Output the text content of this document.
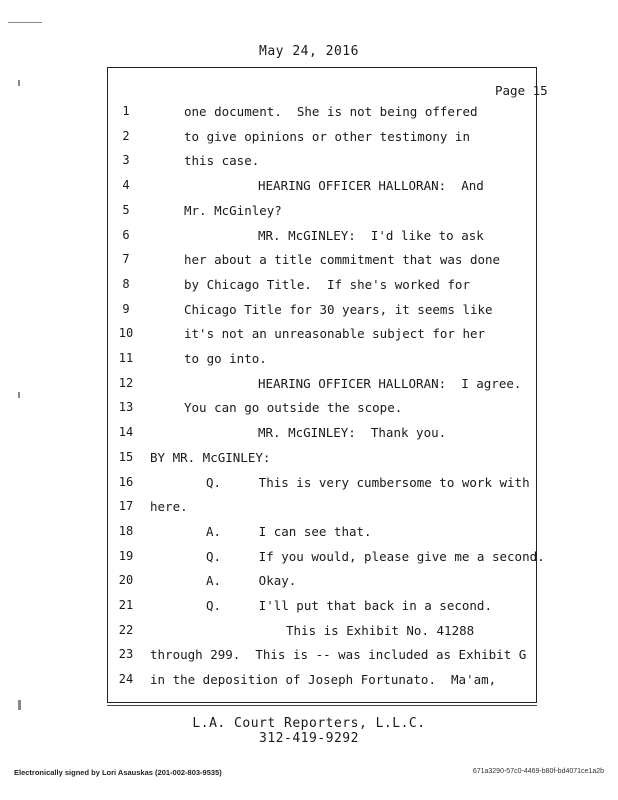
May 24, 2016
Page 15
1	one document.  She is not being offered
2	to give opinions or other testimony in
3	this case.
4	HEARING OFFICER HALLORAN:  And
5	Mr. McGinley?
6	MR. McGINLEY:  I'd like to ask
7	her about a title commitment that was done
8	by Chicago Title.  If she's worked for
9	Chicago Title for 30 years, it seems like
10	it's not an unreasonable subject for her
11	to go into.
12	HEARING OFFICER HALLORAN:  I agree.
13	You can go outside the scope.
14	MR. McGINLEY:  Thank you.
15	BY MR. McGINLEY:
16	Q.     This is very cumbersome to work with
17	here.
18	A.     I can see that.
19	Q.     If you would, please give me a second.
20	A.     Okay.
21	Q.     I'll put that back in a second.
22	This is Exhibit No. 41288
23	through 299.  This is -- was included as Exhibit G
24	in the deposition of Joseph Fortunato.  Ma'am,
L.A. Court Reporters, L.L.C.
312-419-9292
Electronically signed by Lori Asauskas (201-002-803-9535)	671a3290-57c0-4469-b80f-bd4071ce1a2b
